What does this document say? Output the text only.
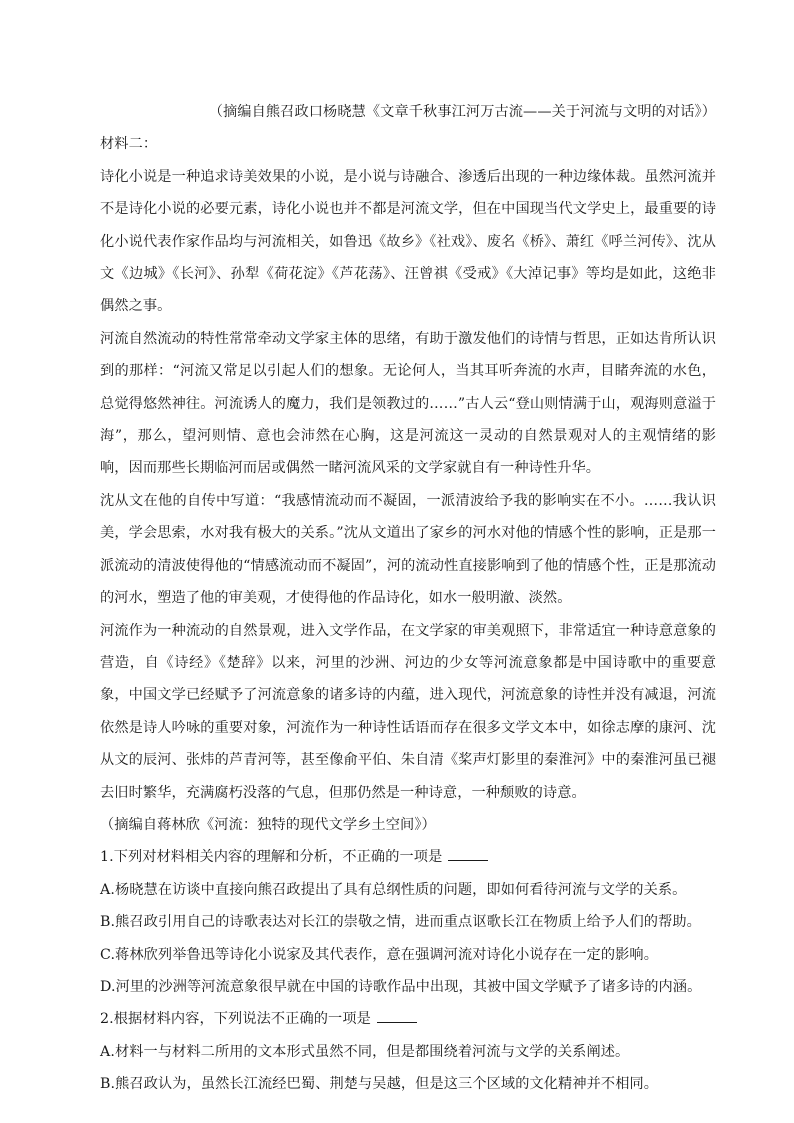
（摘编自熊召政口杨晓慧《文章千秋事江河万古流——关于河流与文明的对话》）

材料二：

诗化小说是一种追求诗美效果的小说，是小说与诗融合、渗透后出现的一种边缘体裁。虽然河流并不是诗化小说的必要元素，诗化小说也并不都是河流文学，但在中国现当代文学史上，最重要的诗化小说代表作家作品均与河流相关，如鲁迅《故乡》《社戏》、废名《桥》、萧红《呼兰河传》、沈从文《边城》《长河》、孙犁《荷花淀》《芦花荡》、汪曾祺《受戒》《大淖记事》等均是如此，这绝非偶然之事。

河流自然流动的特性常常牵动文学家主体的思绪，有助于激发他们的诗情与哲思，正如达肯所认识到的那样：“河流又常足以引起人们的想象。无论何人，当其耳听奔流的水声，目睹奔流的水色，总觉得悠然神往。河流诱人的魔力，我们是领教过的……”古人云“登山则情满于山，观海则意溢于海”，那么，望河则情、意也会沛然在心胸，这是河流这一灵动的自然景观对人的主观情绪的影响，因而那些长期临河而居或偶然一睹河流风采的文学家就自有一种诗性升华。

沈从文在他的自传中写道：“我感情流动而不凝固，一派清波给予我的影响实在不小。……我认识美，学会思索，水对我有极大的关系。”沈从文道出了家乡的河水对他的情感个性的影响，正是那一派流动的清波使得他的“情感流动而不凝固”，河的流动性直接影响到了他的情感个性，正是那流动的河水，塑造了他的审美观，才使得他的作品诗化，如水一般明澈、淡然。

河流作为一种流动的自然景观，进入文学作品，在文学家的审美观照下，非常适宜一种诗意意象的营造，自《诗经》《楚辞》以来，河里的沙洲、河边的少女等河流意象都是中国诗歌中的重要意象，中国文学已经赋予了河流意象的诸多诗的内蕴，进入现代，河流意象的诗性并没有减退，河流依然是诗人吟咏的重要对象，河流作为一种诗性话语而存在很多文学文本中，如徐志摩的康河、沈从文的辰河、张炜的芦青河等，甚至像俞平伯、朱自清《桨声灯影里的秦淮河》中的秦淮河虽已褪去旧时繁华，充满腐朽没落的气息，但那仍然是一种诗意，一种颓败的诗意。

（摘编自蒋林欣《河流：独特的现代文学乡土空间》）

1.下列对材料相关内容的理解和分析，不正确的一项是

A.杨晓慧在访谈中直接向熊召政提出了具有总纲性质的问题，即如何看待河流与文学的关系。

B.熊召政引用自己的诗歌表达对长江的崇敬之情，进而重点讴歌长江在物质上给予人们的帮助。

C.蒋林欣列举鲁迅等诗化小说家及其代表作，意在强调河流对诗化小说存在一定的影响。

D.河里的沙洲等河流意象很早就在中国的诗歌作品中出现，其被中国文学赋予了诸多诗的内涵。

2.根据材料内容，下列说法不正确的一项是

A.材料一与材料二所用的文本形式虽然不同，但是都围绕着河流与文学的关系阐述。

B.熊召政认为，虽然长江流经巴蜀、荆楚与吴越，但是这三个区域的文化精神并不相同。
